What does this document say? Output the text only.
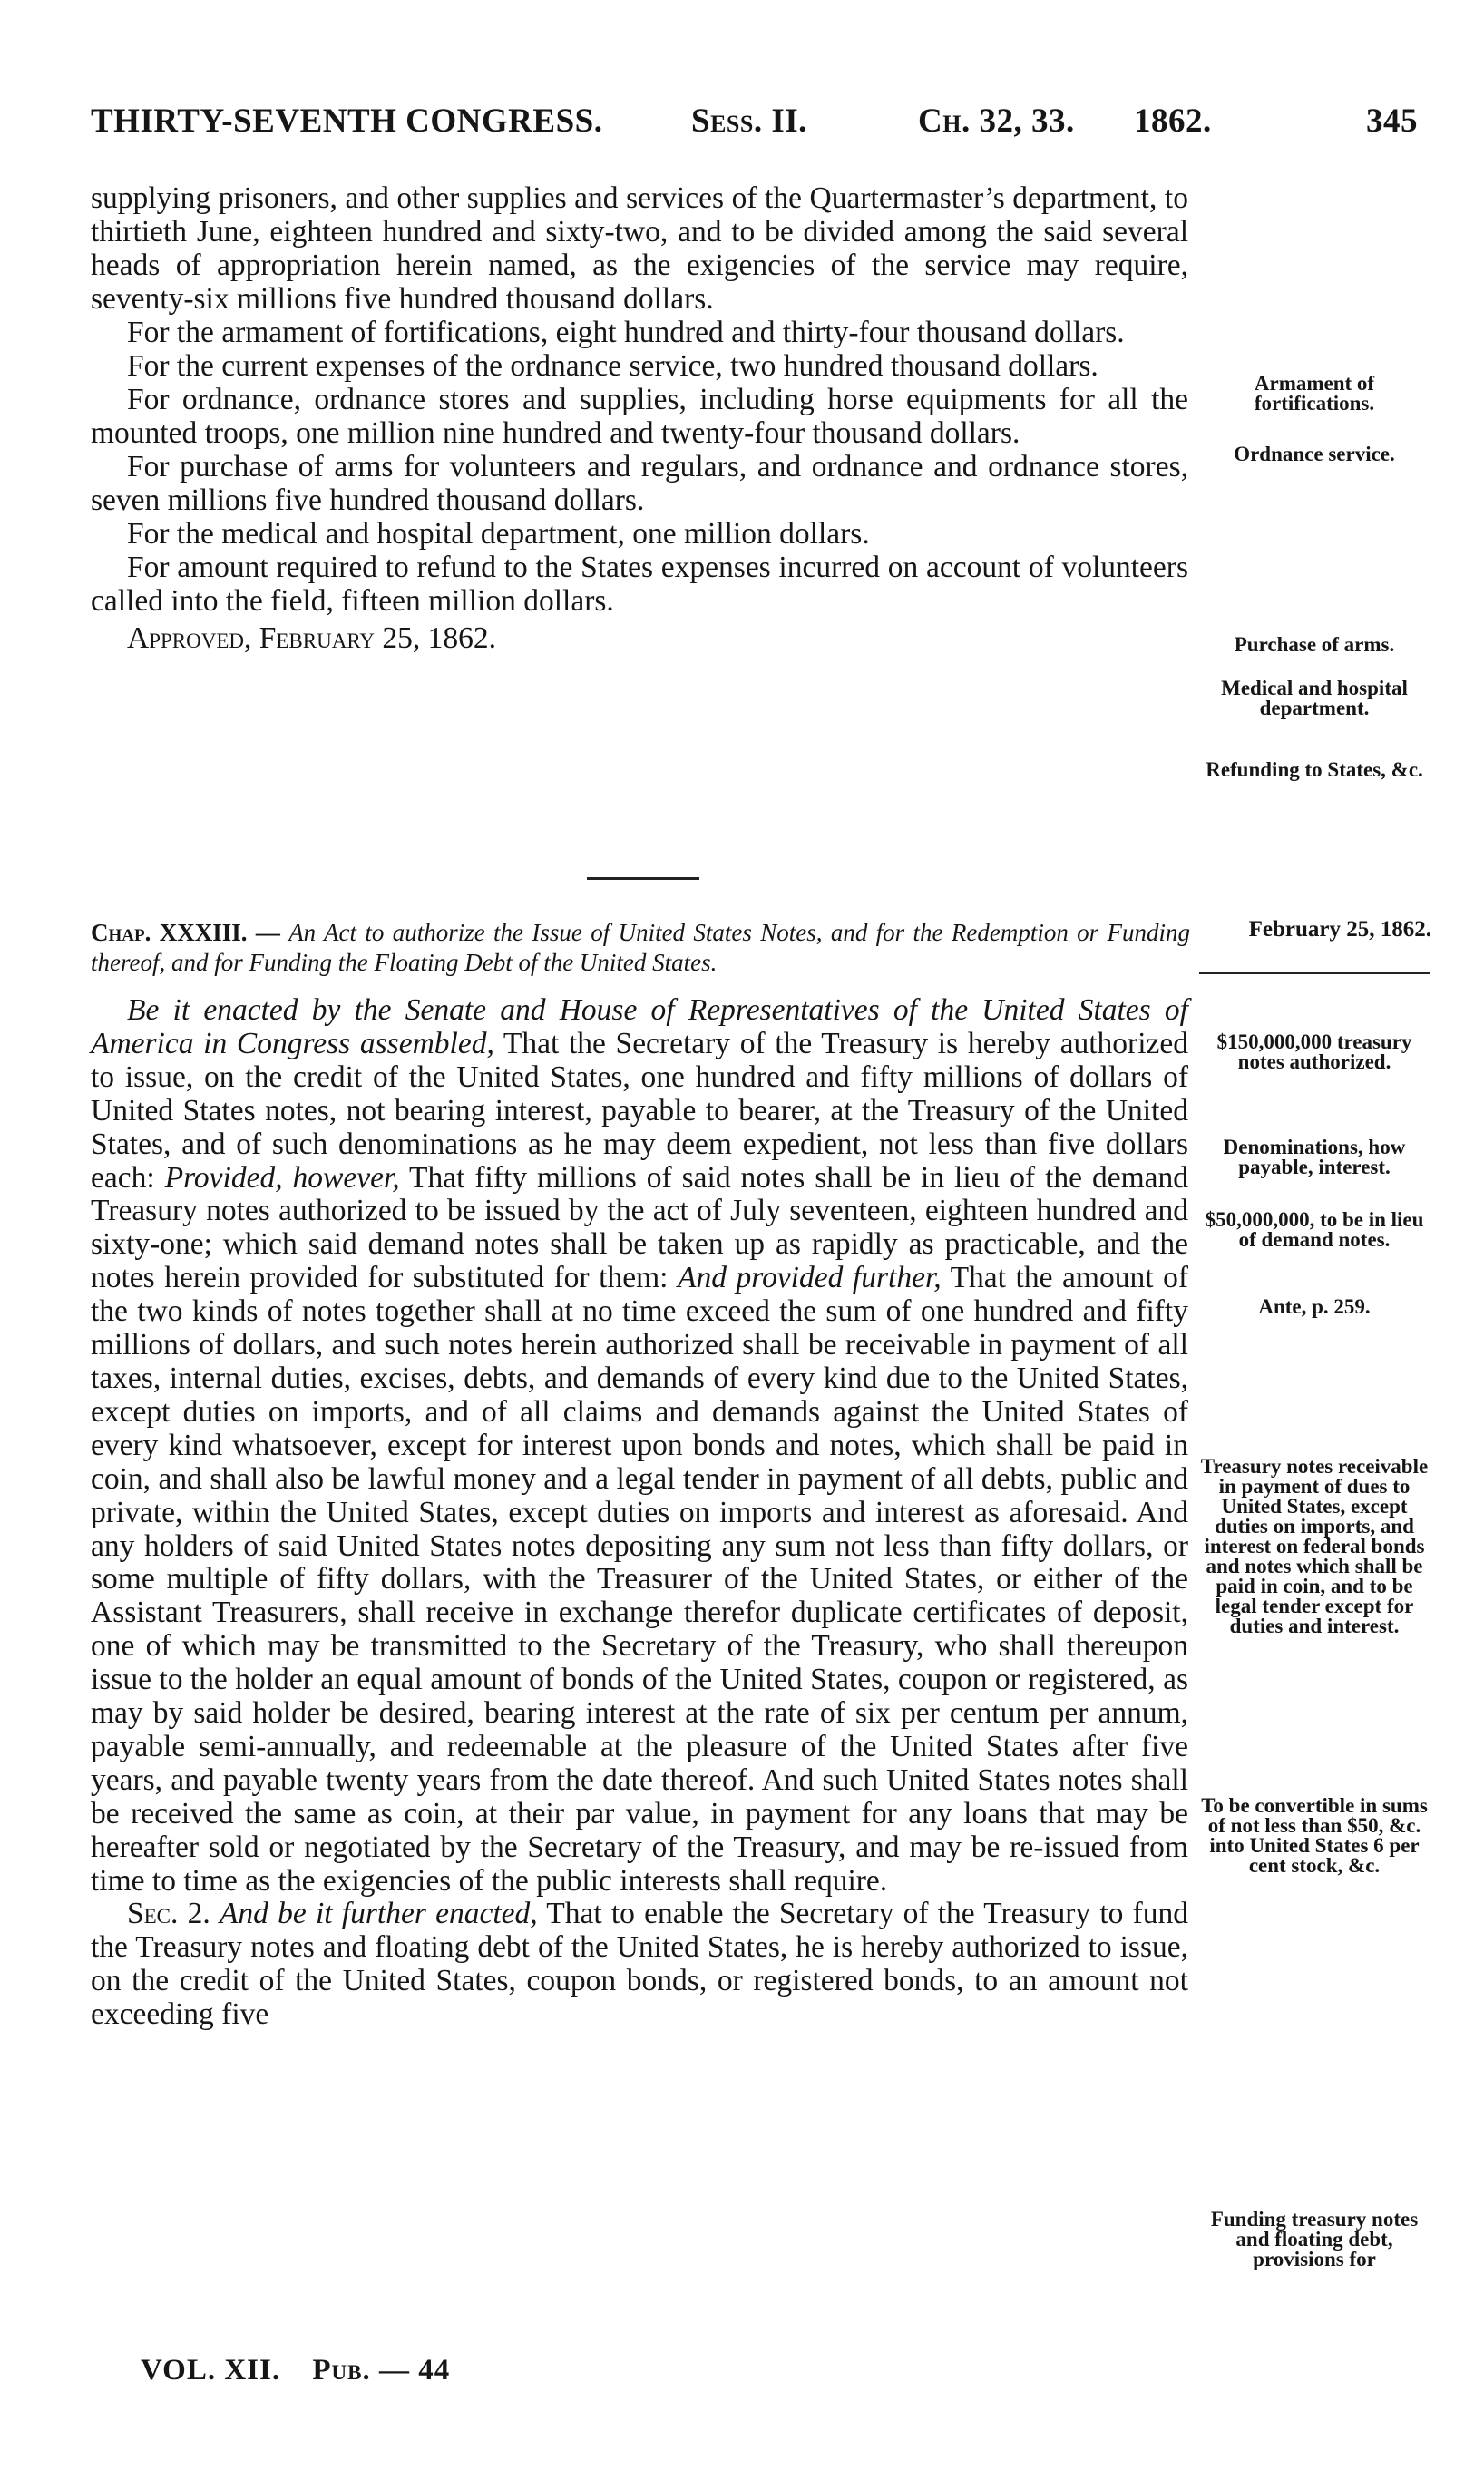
THIRTY-SEVENTH CONGRESS.	Sess. II.	Ch. 32, 33. 1862.	345

supplying prisoners, and other supplies and services of the Quartermaster’s department, to thirtieth June, eighteen hundred and sixty-two, and to be divided among the said several heads of appropriation herein named, as the exigencies of the service may require, seventy-six millions five hundred thousand dollars.

For the armament of fortifications, eight hundred and thirty-four thousand dollars.

For the current expenses of the ordnance service, two hundred thousand dollars.

For ordnance, ordnance stores and supplies, including horse equipments for all the mounted troops, one million nine hundred and twenty-four thousand dollars.

For purchase of arms for volunteers and regulars, and ordnance and ordnance stores, seven millions five hundred thousand dollars.

For the medical and hospital department, one million dollars.

For amount required to refund to the States expenses incurred on account of volunteers called into the field, fifteen million dollars.

Approved, February 25, 1862.

Armament of fortifications.
Ordnance service.
Purchase of arms.
Medical and hospital department.
Refunding to States, &c.
February 25, 1862.
$150,000,000 treasury notes authorized.
Denominations, how payable, interest.
$50,000,000, to be in lieu of demand notes.
Ante, p. 259.
Treasury notes receivable in payment of dues to United States, except duties on imports, and interest on federal bonds and notes which shall be paid in coin, and to be legal tender except for duties and interest.
To be convertible in sums of not less than $50, &c. into United States 6 per cent stock, &c.
Funding treasury notes and floating debt, provisions for
Chap. XXXIII. — An Act to authorize the Issue of United States Notes, and for the Redemption or Funding thereof, and for Funding the Floating Debt of the United States.

Be it enacted by the Senate and House of Representatives of the United States of America in Congress assembled, That the Secretary of the Treasury is hereby authorized to issue, on the credit of the United States, one hundred and fifty millions of dollars of United States notes, not bearing interest, payable to bearer, at the Treasury of the United States, and of such denominations as he may deem expedient, not less than five dollars each: Provided, however, That fifty millions of said notes shall be in lieu of the demand Treasury notes authorized to be issued by the act of July seventeen, eighteen hundred and sixty-one; which said demand notes shall be taken up as rapidly as practicable, and the notes herein provided for substituted for them: And provided further, That the amount of the two kinds of notes together shall at no time exceed the sum of one hundred and fifty millions of dollars, and such notes herein authorized shall be receivable in payment of all taxes, internal duties, excises, debts, and demands of every kind due to the United States, except duties on imports, and of all claims and demands against the United States of every kind whatsoever, except for interest upon bonds and notes, which shall be paid in coin, and shall also be lawful money and a legal tender in payment of all debts, public and private, within the United States, except duties on imports and interest as aforesaid. And any holders of said United States notes depositing any sum not less than fifty dollars, or some multiple of fifty dollars, with the Treasurer of the United States, or either of the Assistant Treasurers, shall receive in exchange therefor duplicate certificates of deposit, one of which may be transmitted to the Secretary of the Treasury, who shall thereupon issue to the holder an equal amount of bonds of the United States, coupon or registered, as may by said holder be desired, bearing interest at the rate of six per centum per annum, payable semi-annually, and redeemable at the pleasure of the United States after five years, and payable twenty years from the date thereof. And such United States notes shall be received the same as coin, at their par value, in payment for any loans that may be hereafter sold or negotiated by the Secretary of the Treasury, and may be re-issued from time to time as the exigencies of the public interests shall require.

Sec. 2. And be it further enacted, That to enable the Secretary of the Treasury to fund the Treasury notes and floating debt of the United States, he is hereby authorized to issue, on the credit of the United States, coupon bonds, or registered bonds, to an amount not exceeding five

VOL. XII. Pub. — 44
